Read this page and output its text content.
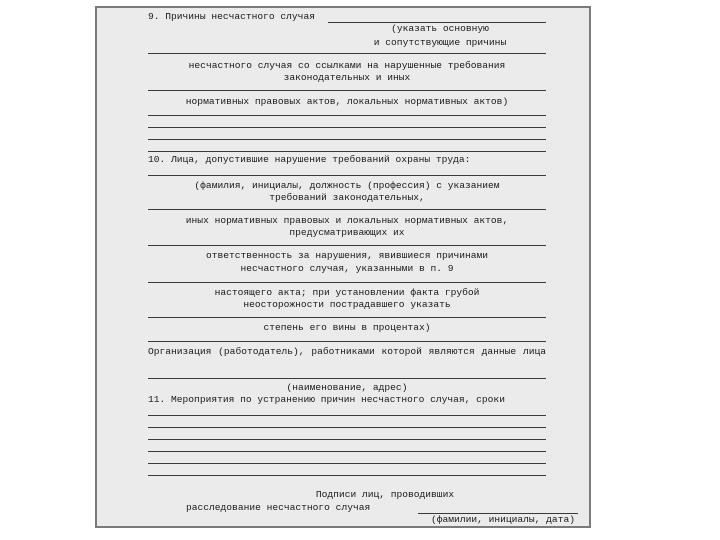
9. Причины несчастного случая
(указать основную
и сопутствующие причины
несчастного случая со ссылками на нарушенные требования
законодательных и иных
нормативных правовых актов, локальных нормативных актов)
10. Лица, допустившие нарушение требований охраны труда:
(фамилия, инициалы, должность (профессия) с указанием
требований законодательных,
иных нормативных правовых и локальных нормативных актов,
предусматривающих их
ответственность за нарушения, явившиеся причинами
несчастного случая, указанными в п. 9
настоящего акта; при установлении факта грубой
неосторожности пострадавшего указать
степень его вины в процентах)
Организация (работодатель), работниками которой являются данные лица
(наименование, адрес)
11. Мероприятия по устранению причин несчастного случая, сроки
Подписи лиц, проводивших
расследование несчастного случая
(фамилии, инициалы, дата)
